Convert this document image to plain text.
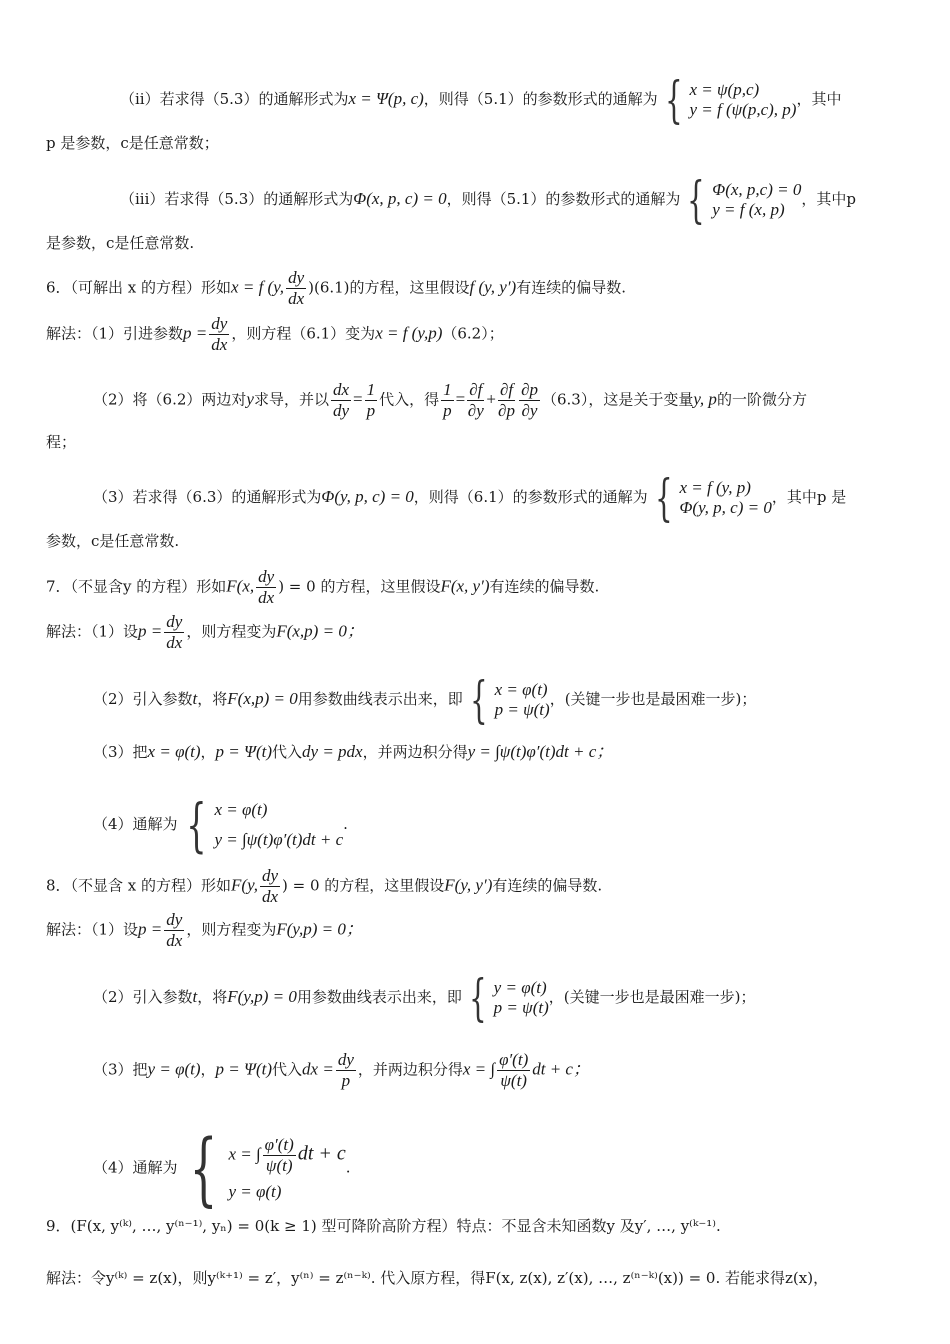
（ii）若求得（5.3）的通解形式为x = Ψ(p, c)，则得（5.1）的参数形式的通解为 { x = ψ(p,c)
y = f (ψ(p,c), p)
，其中
p 是参数，c是任意常数；
（iii）若求得（5.3）的通解形式为Φ(x, p, c) = 0，则得（5.1）的参数形式的通解为 { Φ(x, p,c) = 0
y = f (x, p)
，其中p
是参数，c是任意常数.
6．（可解出 x 的方程）形如x = f (y, $\frac{dy}{dx} )(6.1)$的方程，这里假设f (y, y′)有连续的偏导数.
解法：（1）引进参数$p = \frac{dy}{dx}$ ，则方程（6.1）变为x = f (y,p)（6.2）；
（2）将（6.2）两边对y求导，并以 $\frac{dx}{dy} = \frac{1}{p}$ 代入，得 $\frac{1}{p} = \frac{\partial f}{\partial y} + \frac{\partial f}{\partial p} \frac{\partial p}{\partial y} (6.3)$，这是关于变量y, p的一阶微分方
程；
（3）若求得（6.3）的通解形式为Φ(y, p, c) = 0，则得（6.1）的参数形式的通解为 { x = f (y, p)
Φ(y, p, c) = 0
，其中p 是
参数，c是任意常数.
7．（不显含y 的方程）形如F(x, $\frac{dy}{dx}$ ) = 0 的方程，这里假设F(x, y′)有连续的偏导数.
解法：（1）设$p = \frac{dy}{dx}$ ，则方程变为F(x,p) = 0；
（2）引入参数t，将F(x,p) = 0用参数曲线表示出来，即 { x = φ(t)
p = ψ(t)
，(关键一步也是最困难一步)；
（3）把x = φ(t)，p = Ψ(t)代入dy = pdx，并两边积分得y = ∫ψ(t)φ′(t)dt + c；
（4）通解为 { x = φ(t)
y = ∫ψ(t)φ′(t)dt + c
.
8．（不显含 x 的方程）形如F(y, $\frac{dy}{dx}$ ) = 0 的方程，这里假设F(y, y′)有连续的偏导数.
解法：（1）设$p = \frac{dy}{dx}$ ，则方程变为F(y,p) = 0；
（2）引入参数t，将F(y,p) = 0用参数曲线表示出来，即 { y = φ(t)
p = ψ(t)
，(关键一步也是最困难一步)；
（3）把y = φ(t)，p = Ψ(t)代入dx = $\frac{dy}{p}$ ，并两边积分得x = ∫ $\frac{\varphi'(t)}{\psi(t)}$ dt + c；
（4）通解为 { x = ∫ $\frac{\varphi'(t)}{\psi(t)}$ dt + c
y = φ(t)
.
9．(F(x, y⁽ᵏ⁾, …, y⁽ⁿ⁻¹⁾, yₙ) = 0(k ≥ 1) 型可降阶高阶方程）特点：不显含未知函数y 及y′, …, y⁽ᵏ⁻¹⁾.
解法：令y⁽ᵏ⁾ = z(x)，则y⁽ᵏ⁺¹⁾ = z′，y⁽ⁿ⁾ = z⁽ⁿ⁻ᵏ⁾. 代入原方程，得F(x, z(x), z′(x), …, z⁽ⁿ⁻ᵏ⁾(x)) = 0. 若能求得z(x)，
